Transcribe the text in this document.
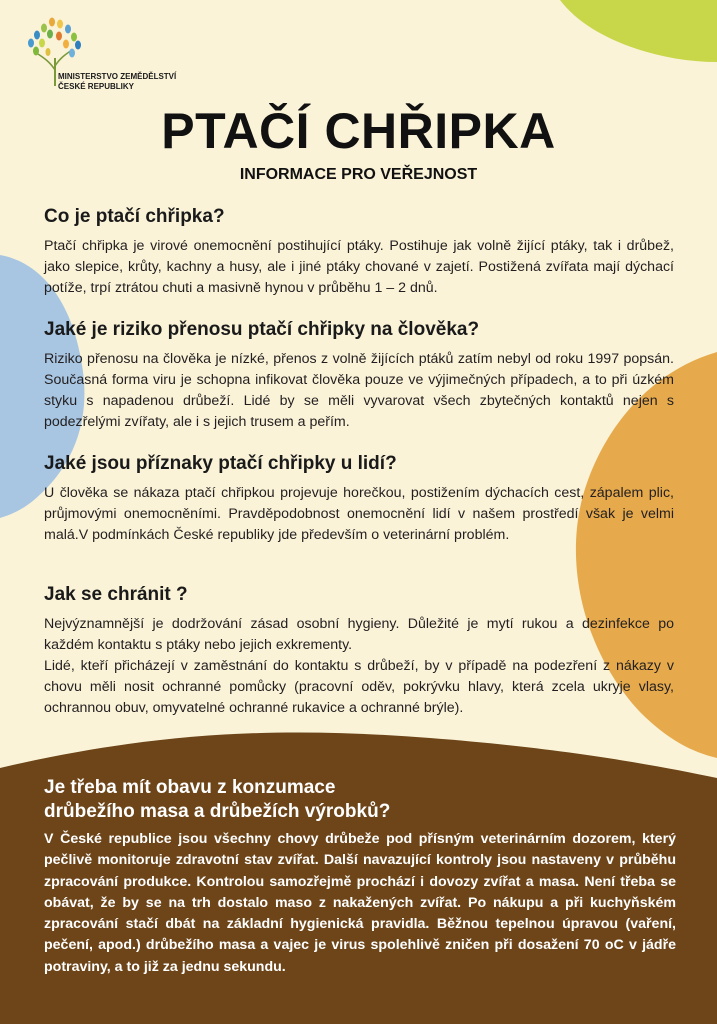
MINISTERSTVO ZEMĚDĚLSTVÍ
ČESKÉ REPUBLIKY
PTAČÍ CHŘIPKA
INFORMACE PRO VEŘEJNOST
Co je ptačí chřipka?

Ptačí chřipka je virové onemocnění postihující ptáky. Postihuje jak volně žijící ptáky, tak i drůbež, jako slepice, krůty, kachny a husy, ale i jiné ptáky chované v zajetí. Postižená zvířata mají dýchací potíže, trpí ztrátou chuti a masivně hynou v průběhu 1 – 2 dnů.

Jaké je riziko přenosu ptačí chřipky na člověka?

Riziko přenosu na člověka je nízké, přenos z volně žijících ptáků zatím nebyl od roku 1997 popsán. Současná forma viru je schopna infikovat člověka pouze ve výjimečných případech, a to při úzkém styku s napadenou drůbeží. Lidé by se měli vyvarovat všech zbytečných kontaktů nejen s podezřelými zvířaty, ale i s jejich trusem a peřím.

Jaké jsou příznaky ptačí chřipky u lidí?

U člověka se nákaza ptačí chřipkou projevuje horečkou, postižením dýchacích cest, zápalem plic, průjmovými onemocněními. Pravděpodobnost onemocnění lidí v našem prostředí však je velmi malá.V podmínkách České republiky jde především o veterinární problém.

Jak se chránit ?

Nejvýznamnější je dodržování zásad osobní hygieny. Důležité je mytí rukou a dezinfekce po každém kontaktu s ptáky nebo jejich exkrementy.

Lidé, kteří přicházejí v zaměstnání do kontaktu s drůbeží, by v případě na podezření z nákazy v chovu měli nosit ochranné pomůcky (pracovní oděv, pokrývku hlavy, která zcela ukryje vlasy, ochrannou obuv, omyvatelné ochranné rukavice a ochranné brýle).

Je třeba mít obavu z konzumace
drůbežího masa a drůbežích výrobků?

V České republice jsou všechny chovy drůbeže pod přísným veterinárním dozorem, který pečlivě monitoruje zdravotní stav zvířat. Další navazující kontroly jsou nastaveny v průběhu zpracování produkce. Kontrolou samozřejmě prochází i dovozy zvířat a masa. Není třeba se obávat, že by se na trh dostalo maso z nakažených zvířat. Po nákupu a při kuchyňském zpracování stačí dbát na základní hygienická pravidla. Běžnou tepelnou úpravou (vaření, pečení, apod.) drůbežího masa a vajec je virus spolehlivě zničen při dosažení 70 oC v jádře potraviny, a to již za jednu sekundu.
